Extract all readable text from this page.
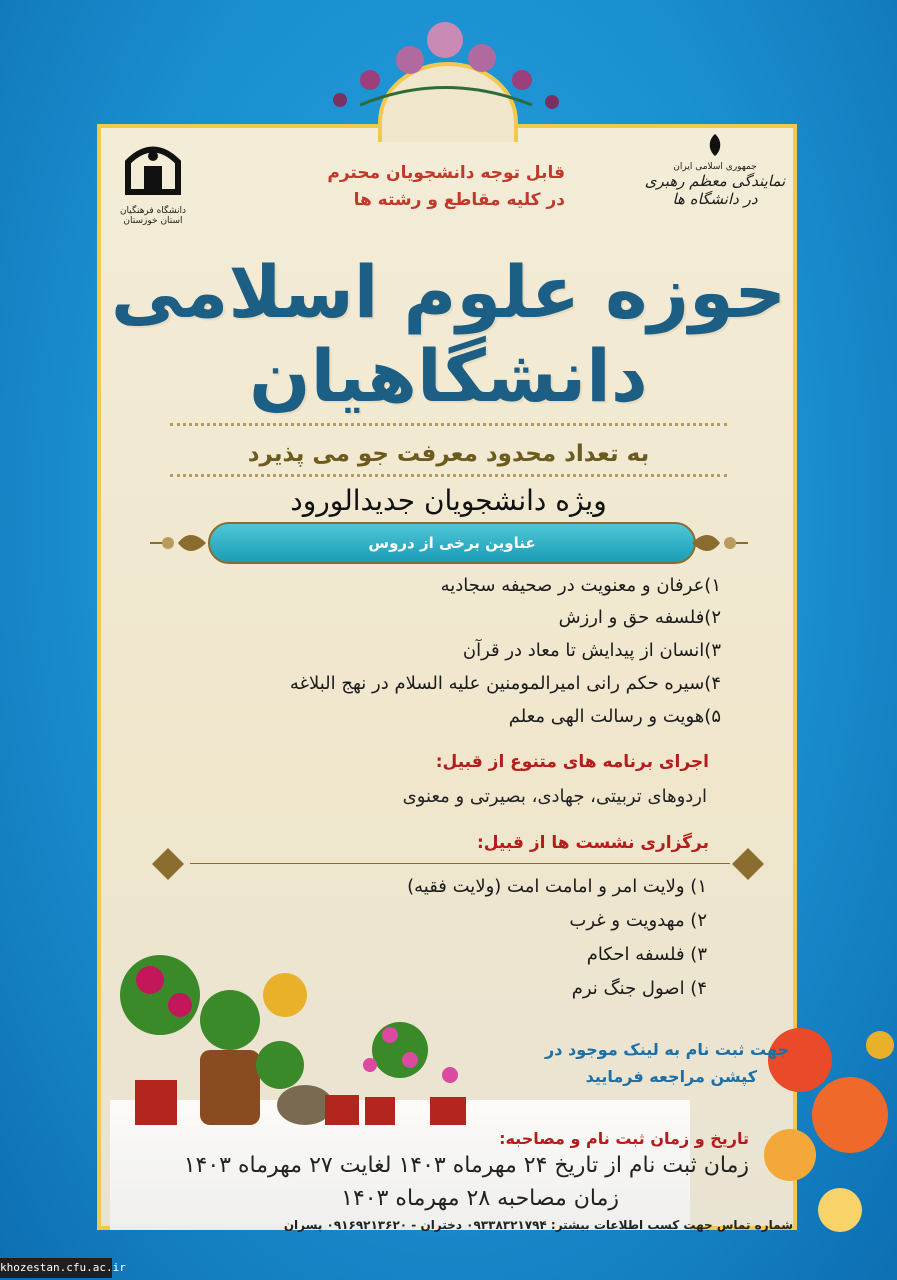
دانشگاه فرهنگیان
استان خوزستان
جمهوری اسلامی ایران
نمایندگی معظم رهبری در دانشگاه ها
قابل توجه دانشجویان محترم
در کلیه مقاطع و رشته ها
حوزه علوم اسلامی دانشگاهیان
به تعداد محدود معرفت جو می پذیرد
ویژه دانشجویان جدیدالورود
عناوین برخی از دروس
۱)عرفان و معنویت در صحیفه سجادیه
۲)فلسفه حق و ارزش
۳)انسان از پیدایش تا معاد در قرآن
۴)سیره حکم رانی امیرالمومنین علیه السلام در نهج البلاغه
۵)هویت و رسالت الهی معلم
اجرای برنامه های متنوع از قبیل:
اردوهای تربیتی، جهادی، بصیرتی و معنوی
برگزاری نشست ها از قبیل:
۱) ولایت امر و امامت امت (ولایت فقیه)
۲) مهدویت و غرب
۳) فلسفه احکام
۴) اصول جنگ نرم
جهت ثبت نام به لینک موجود در
کپشن مراجعه فرمایید
تاریخ و زمان ثبت نام و مصاحبه:
زمان ثبت نام از تاریخ ۲۴ مهرماه ۱۴۰۳ لغایت ۲۷ مهرماه ۱۴۰۳
زمان مصاحبه ۲۸ مهرماه ۱۴۰۳
شماره تماس جهت کسب اطلاعات بیشتر: ۰۹۳۳۸۳۲۱۷۹۴ دختران - ۰۹۱۶۹۲۱۳۶۲۰ پسران
khozestan.cfu.ac.ir
